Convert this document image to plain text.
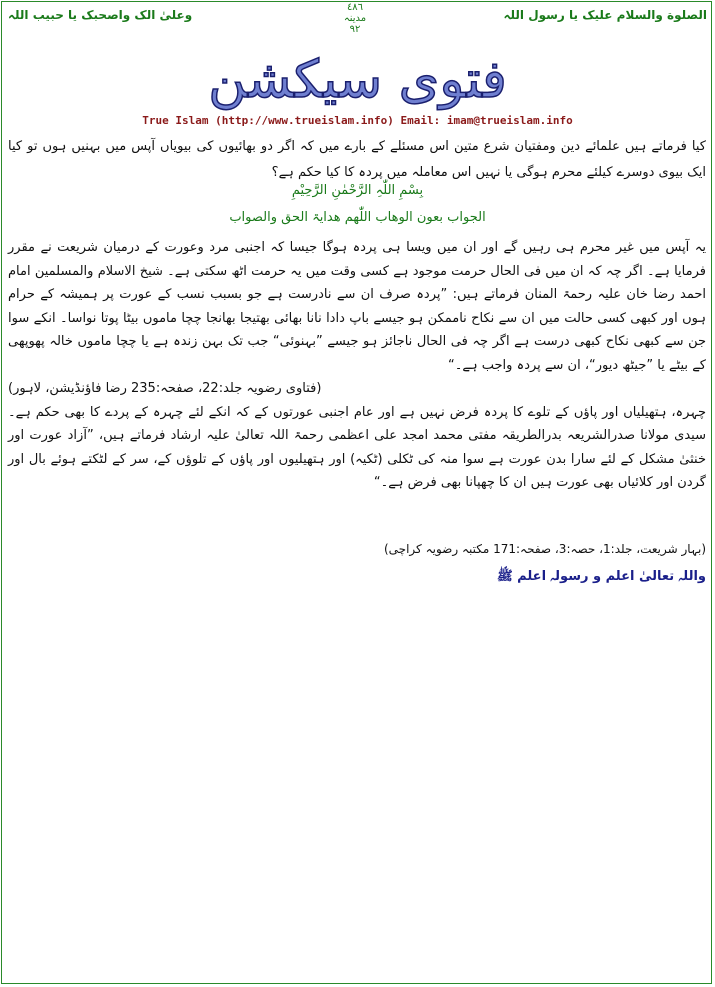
الصلوة والسلام علیک یا رسول اللہ
٤٨٦
مدینہ
٩٢
وعلیٰ الک واصحبک یا حبیب اللہ
فتوی سیکشن
True Islam (http://www.trueislam.info) Email: imam@trueislam.info
کیا فرماتے ہیں علمائے دین ومفتیان شرع متین اس مسئلے کے بارے میں کہ اگر دو بھائیوں کی بیویاں آپس میں بہنیں ہوں تو کیا ایک بیوی دوسرے کیلئے محرم ہوگی یا نہیں اس معاملہ میں پردہ کا کیا حکم ہے؟
بِسْمِ اللّٰہِ الرَّحْمٰنِ الرَّحِیْمِ
الجواب بعون الوھاب اللّٰھم ھدایۃ الحق والصواب
یہ آپس میں غیر محرم ہی رہیں گے اور ان میں ویسا ہی پردہ ہوگا جیسا کہ اجنبی مرد وعورت کے درمیان شریعت نے مقرر فرمایا ہے۔ اگر چہ کہ ان میں فی الحال حرمت موجود ہے کسی وقت میں یہ حرمت اٹھ سکتی ہے۔ شیخ الاسلام والمسلمین امام احمد رضا خان علیہ رحمۃ المنان فرماتے ہیں: ”پردہ صرف ان سے نادرست ہے جو بسبب نسب کے عورت پر ہمیشہ کے حرام ہوں اور کبھی کسی حالت میں ان سے نکاح ناممکن ہو جیسے باپ دادا نانا بھائی بھتیجا بھانجا چچا ماموں بیٹا پوتا نواسا۔ انکے سوا جن سے کبھی نکاح کبھی درست ہے اگر چہ فی الحال ناجائز ہو جیسے ”بہنوئی“ جب تک بہن زندہ ہے یا چچا ماموں خالہ پھوپھی کے بیٹے یا ”جیٹھ دیور“، ان سے پردہ واجب ہے۔“
(فتاوی رضویہ جلد:22، صفحہ:235 رضا فاؤنڈیشن، لاہور)
چہرہ، ہتھیلیاں اور پاؤں کے تلوے کا پردہ فرض نہیں ہے اور عام اجنبی عورتوں کے کہ انکے لئے چہرہ کے پردے کا بھی حکم ہے۔ سیدی مولانا صدرالشریعہ بدرالطریقہ مفتی محمد امجد علی اعظمی رحمۃ اللہ تعالیٰ علیہ ارشاد فرماتے ہیں، ”آزاد عورت اور خنثیٰ مشکل کے لئے سارا بدن عورت ہے سوا منہ کی ٹکلی (ٹکیہ) اور ہتھیلیوں اور پاؤں کے تلوؤں کے، سر کے لٹکتے ہوئے بال اور گردن اور کلائیاں بھی عورت ہیں ان کا چھپانا بھی فرض ہے۔“
(بہار شریعت، جلد:1، حصہ:3، صفحہ:171 مکتبہ رضویہ کراچی)
واللہ تعالیٰ اعلم و رسولہ اعلم ﷺ
